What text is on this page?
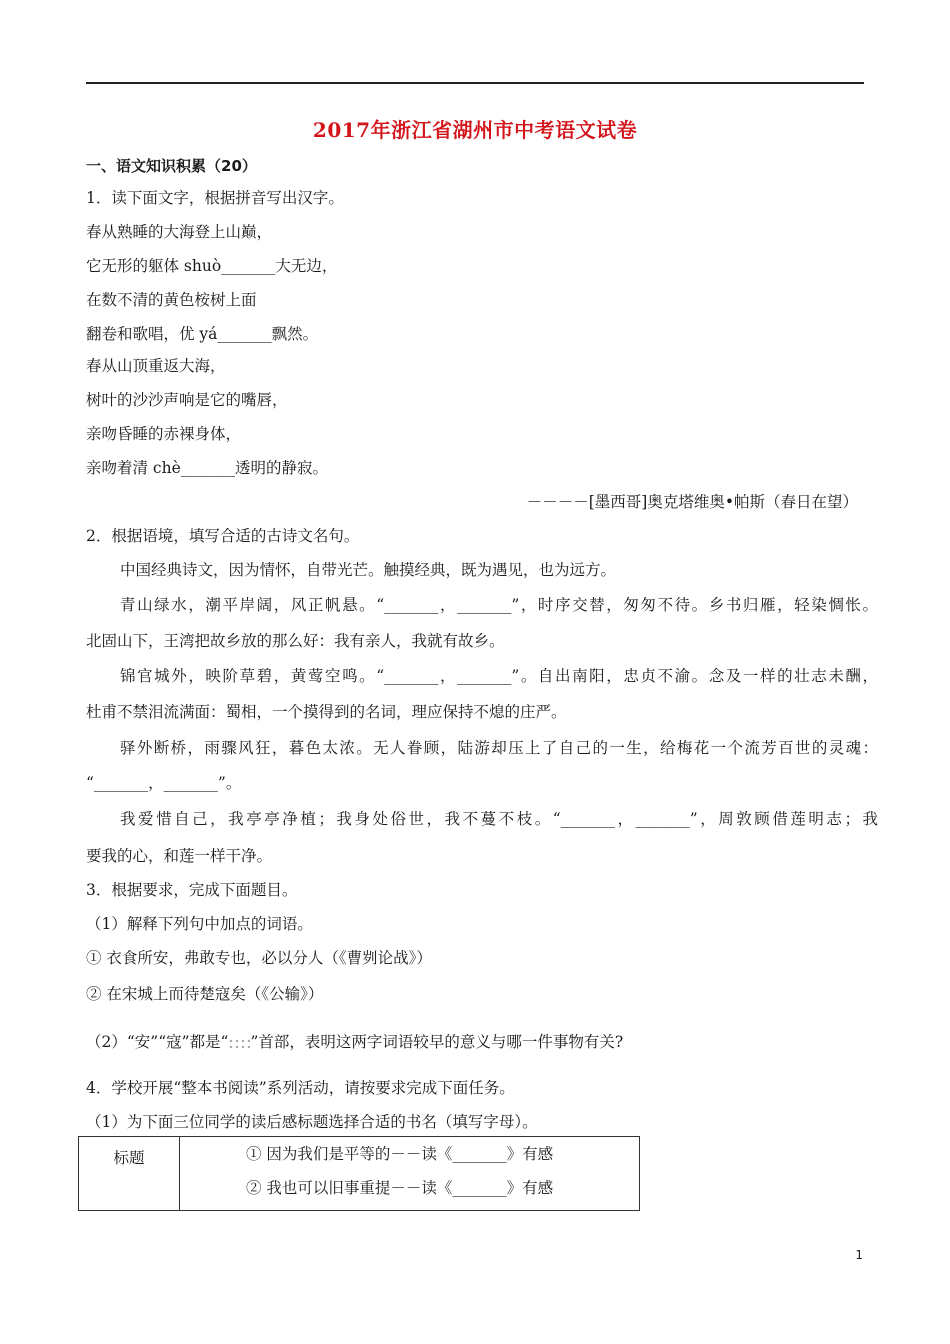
2017年浙江省湖州市中考语文试卷
一、语文知识积累（20）
1．读下面文字，根据拼音写出汉字。
春从熟睡的大海登上山巅，
它无形的躯体 shuò_______大无边，
在数不清的黄色桉树上面
翻卷和歌唱，优 yá_______飘然。
春从山顶重返大海，
树叶的沙沙声响是它的嘴唇，
亲吻昏睡的赤裸身体，
亲吻着清 chè_______透明的静寂。
－－－－[墨西哥]奥克塔维奥•帕斯（春日在望）
2．根据语境，填写合适的古诗文名句。
中国经典诗文，因为情怀，自带光芒。触摸经典，既为遇见，也为远方。
青山绿水，潮平岸阔，风正帆悬。“_______，_______”，时序交替，匆匆不待。乡书归雁，轻染惆怅。
北固山下，王湾把故乡放的那么好：我有亲人，我就有故乡。
锦官城外，映阶草碧，黄莺空鸣。“_______，_______”。自出南阳，忠贞不渝。念及一样的壮志未酬，
杜甫不禁泪流满面：蜀相，一个摸得到的名词，理应保持不熄的庄严。
驿外断桥，雨骤风狂，暮色太浓。无人眷顾，陆游却压上了自己的一生，给梅花一个流芳百世的灵魂：
“_______，_______”。
我爱惜自己，我亭亭净植；我身处俗世，我不蔓不枝。“_______，_______”，周敦顾借莲明志；我
要我的心，和莲一样干净。
3．根据要求，完成下面题目。
（1）解释下列句中加点的词语。
① 衣食所安，弗敢专也，必以分人（《曹刿论战》）
② 在宋城上而待楚寇矣（《公输》）
（2）“安”“寇”都是“ ”首部，表明这两字词语较早的意义与哪一件事物有关?
4．学校开展“整本书阅读”系列活动，请按要求完成下面任务。
（1）为下面三位同学的读后感标题选择合适的书名（填写字母）。
标题	① 因为我们是平等的－－读《_______》有感
② 我也可以旧事重提－－读《_______》有感
1
